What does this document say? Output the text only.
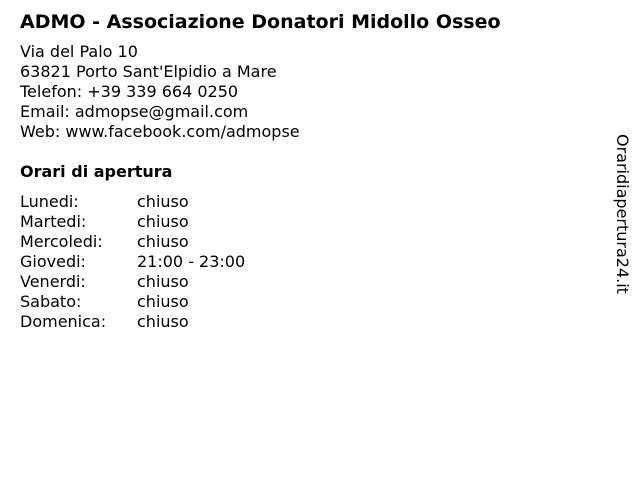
ADMO - Associazione Donatori Midollo Osseo
Via del Palo 10
63821 Porto Sant'Elpidio a Mare
Telefon: +39 339 664 0250
Email: admopse@gmail.com
Web: www.facebook.com/admopse
Orari di apertura
Lunedi:	chiuso
Martedi:	chiuso
Mercoledi:	chiuso
Giovedi:	21:00 - 23:00
Venerdi:	chiuso
Sabato:	chiuso
Domenica:	chiuso
Oraridiapertura24.it
